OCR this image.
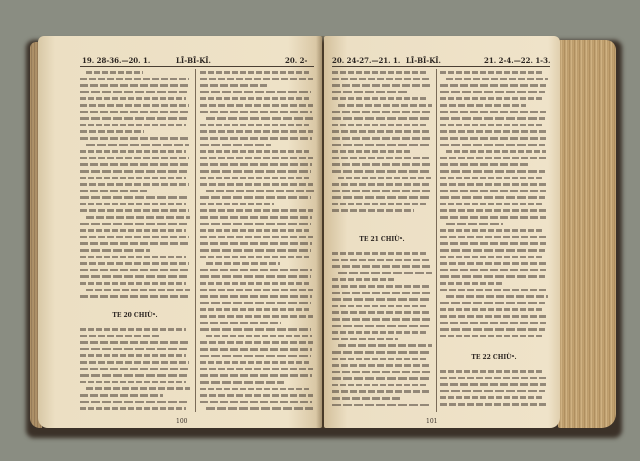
19. 28-36.—20. 1.	LĪ-BĪ-KĪ.	20. 2-
TE 20 CHIÙⁿ.
100
20. 24-27.—21. 1. LĪ-BĪ-KĪ.	21. 2-4.—22. 1-3.
TE 21 CHIÙⁿ.
TE 22 CHIÙⁿ.
101
